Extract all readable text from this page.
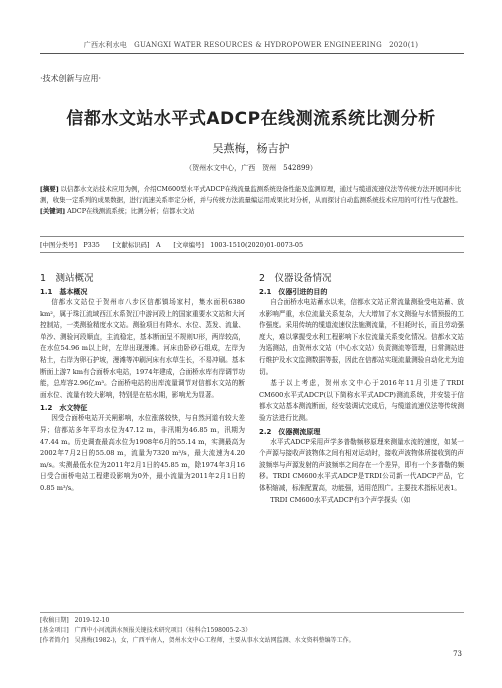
广西水利水电　GUANGXI WATER RESOURCES & HYDROPOWER ENGINEERING　2020(1)
·技术创新与应用·
信都水文站水平式ADCP在线测流系统比测分析
吴燕梅，杨吉护
（贺州水文中心，广西　贺州　542899）
[摘要] 以信都水文站技术应用为例，介绍CM600型水平式ADCP在线流量监测系统设备性能及监测原理，通过与缆道流速仪法等传统方法开展同步比测，收集一定系列的成果数据，进行流速关系率定分析，并与传统方法流量编运用成果比对分析，从而探讨自动监测系统技术应用的可行性与优越性。
[关键词] ADCP在线测流系统；比测分析；信都水文站
[中图分类号]　P335　　[文献标识码]　A　　[文章编号]　1003-1510(2020)01-0073-05
1　测站概况
1.1　基本概况
信都水文站位于贺州市八步区信都镇场家村，集水面积6380 km²，属于珠江流域西江水系贺江中游河段上的国家重要水文站和大河控制站，一类测验精度水文站。测验项目有降水、水位、蒸发、流量、单沙、测验河段顺直，主流稳定，基本断面呈不规则U形，两岸较高，在水位54.96 m以上时，左岸出现漫滩。河床由卧砂石组成，左岸为粘土，右岸为卵石护坡，漫滩等冲刷河床有水草生长，不易冲刷。基本断面上游7 km有合面桥水电站，1974年建成，合面桥水库有岸调节功能，总库容2.96亿m³。合面桥电站的出库流量调节对信都水文站的断面水位、流量有较大影响，特别是在枯水期，影响尤为显著。
1.2　水文特征
因受合面桥电站开关闸影响，水位涨落较快，与自然河道有较大差异；信都站多年平均水位为47.12 m，非汛期为46.85 m，汛期为47.44 m。历史调查最高水位为1908年6月的55.14 m，实测最高为2002年7月2日的55.08 m，流量为7320 m³/s，最大流速为4.20 m/s。实测最低水位为2011年2月1日的45.85 m，除1974年3月16日受合面桥电站工程建设影响为0外，最小流量为2011年2月1日的0.85 m³/s。
2　仪器设备情况
2.1　仪器引进的目的
自合面桥水电站蓄水以来，信都水文站正常流量测验受电站蓄、放水影响严重，水位流量关系复杂，大大增加了水文测验与水情预报的工作强度。采用传统的缆道流速仪法施测流量，不但耗时长，而且劳动强度大，难以掌握受水利工程影响下水位流量关系变化情况。信都水文站为巡测站，由贺州水文站（中心水文站）负责测流等管理，日常测站进行维护及水文监测数据等报，因此在信都站实现流量测验自动化尤为迫切。
基于以上考虑，贺州水文中心于2016年11月引进了TRDI CM600水平式ADCP(以下简称水平式ADCP)测流系统，并安装于信都水文站基本测流断面，经安装调试完成后，与缆道流速仪法等传统测验方法进行比测。
2.2　仪器测流原理
水平式ADCP采用声学多普勒频移原理来测量水流的速度，如某一个声源与接收声波物体之间有相对运动时，接收声波物体所接收到的声波频率与声源发射的声波频率之间存在一个差异，即有一个多普勒的频移。TRDI CM600水平式ADCP是TRDI公司新一代ADCP产品，它体积缩减，标准配置高，功能强，适用范围广。主要技术指标见表1。
TRDI CM600水平式ADCP有3个声学探头（如
[收稿日期]　2019-12-10
[基金项目]　广西中小河流洪水预报关键技术研究项目（桂科合1598005-2-3）
[作者简介]　吴燕梅(1982-)，女，广西平南人，贺州水文中心工程师，主要从事水文站网监测、水文资料整编等工作。
73
